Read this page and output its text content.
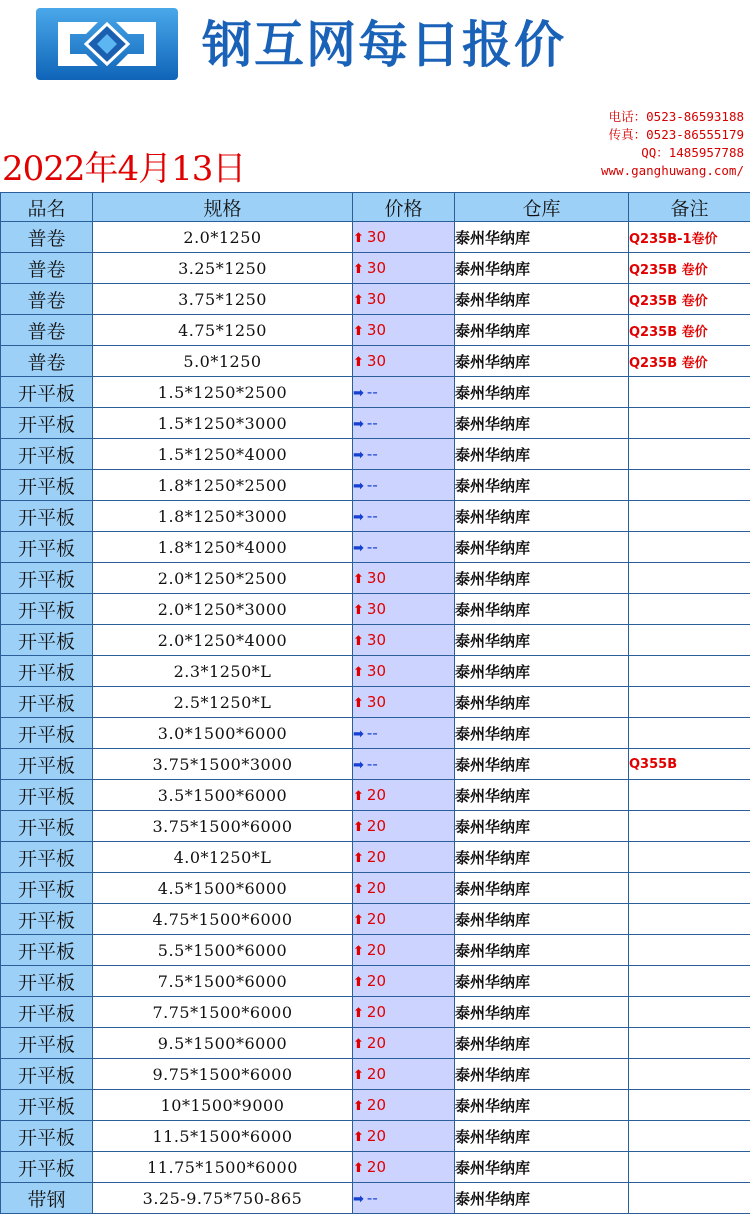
钢互网每日报价
电话：0523-86593188
传真：0523-86555179
QQ：1485957788
www.ganghuwang.com/
2022年4月13日
品名	规格	价格	仓库	备注
普卷	2.0*1250	⬆ 30	泰州华纳库	Q235B-1卷价
普卷	3.25*1250	⬆ 30	泰州华纳库	Q235B 卷价
普卷	3.75*1250	⬆ 30	泰州华纳库	Q235B 卷价
普卷	4.75*1250	⬆ 30	泰州华纳库	Q235B 卷价
普卷	5.0*1250	⬆ 30	泰州华纳库	Q235B 卷价
开平板	1.5*1250*2500	➡ --	泰州华纳库	
开平板	1.5*1250*3000	➡ --	泰州华纳库	
开平板	1.5*1250*4000	➡ --	泰州华纳库	
开平板	1.8*1250*2500	➡ --	泰州华纳库	
开平板	1.8*1250*3000	➡ --	泰州华纳库	
开平板	1.8*1250*4000	➡ --	泰州华纳库	
开平板	2.0*1250*2500	⬆ 30	泰州华纳库	
开平板	2.0*1250*3000	⬆ 30	泰州华纳库	
开平板	2.0*1250*4000	⬆ 30	泰州华纳库	
开平板	2.3*1250*L	⬆ 30	泰州华纳库	
开平板	2.5*1250*L	⬆ 30	泰州华纳库	
开平板	3.0*1500*6000	➡ --	泰州华纳库	
开平板	3.75*1500*3000	➡ --	泰州华纳库	Q355B
开平板	3.5*1500*6000	⬆ 20	泰州华纳库	
开平板	3.75*1500*6000	⬆ 20	泰州华纳库	
开平板	4.0*1250*L	⬆ 20	泰州华纳库	
开平板	4.5*1500*6000	⬆ 20	泰州华纳库	
开平板	4.75*1500*6000	⬆ 20	泰州华纳库	
开平板	5.5*1500*6000	⬆ 20	泰州华纳库	
开平板	7.5*1500*6000	⬆ 20	泰州华纳库	
开平板	7.75*1500*6000	⬆ 20	泰州华纳库	
开平板	9.5*1500*6000	⬆ 20	泰州华纳库	
开平板	9.75*1500*6000	⬆ 20	泰州华纳库	
开平板	10*1500*9000	⬆ 20	泰州华纳库	
开平板	11.5*1500*6000	⬆ 20	泰州华纳库	
开平板	11.75*1500*6000	⬆ 20	泰州华纳库	
带钢	3.25-9.75*750-865	➡ --	泰州华纳库	
